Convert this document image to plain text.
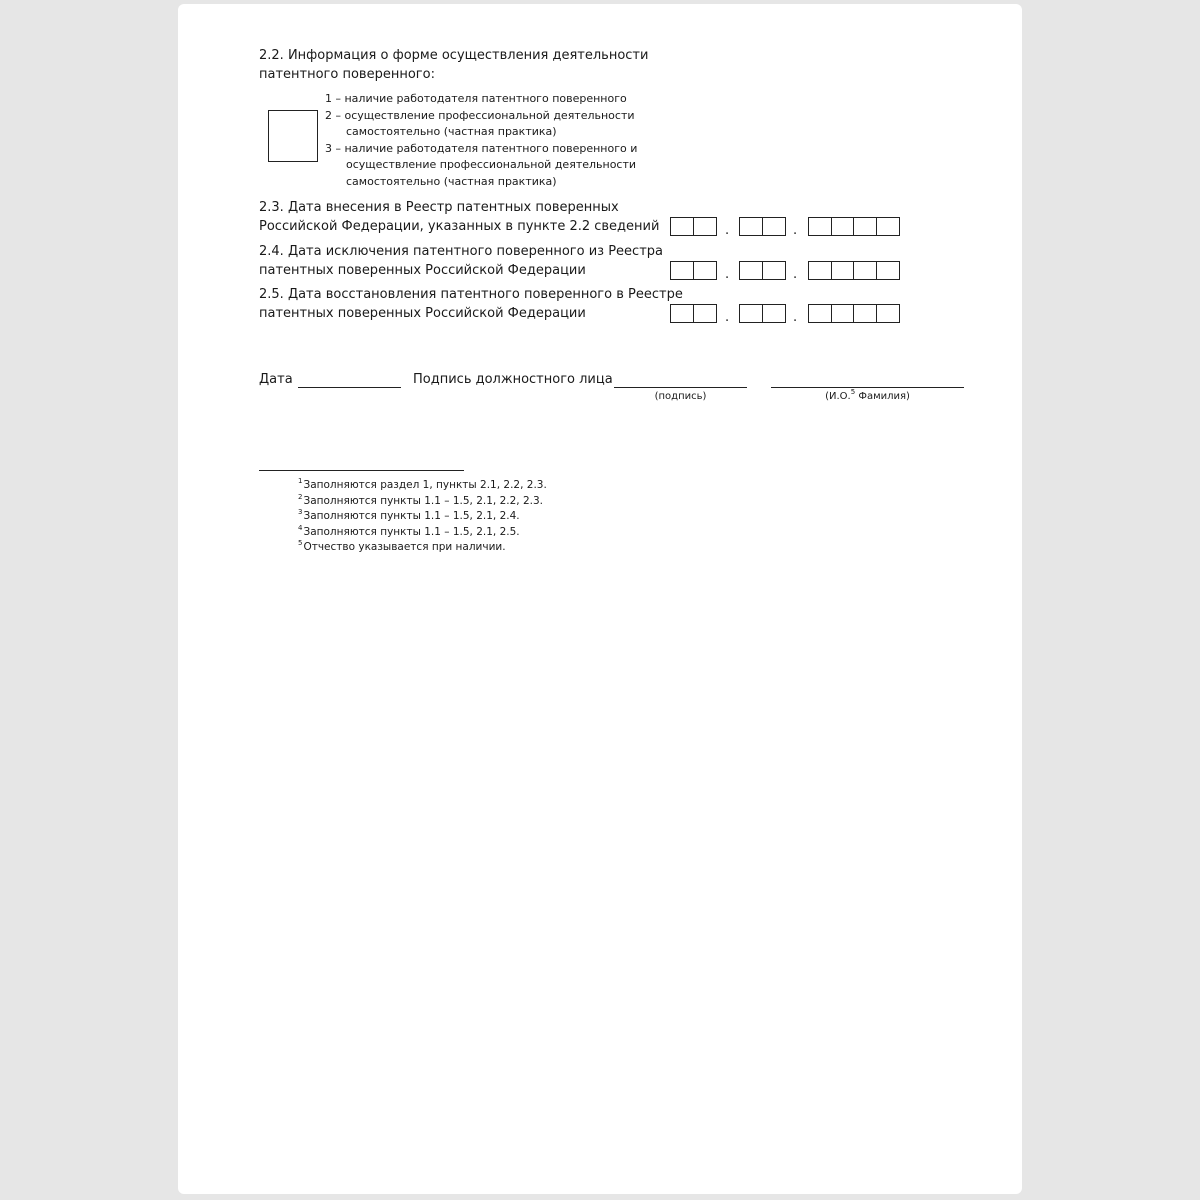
2.2. Информация о форме осуществления деятельности
патентного поверенного:
1 – наличие работодателя патентного поверенного
2 – осуществление профессиональной деятельности
самостоятельно (частная практика)
3 – наличие работодателя патентного поверенного и
осуществление профессиональной деятельности
самостоятельно (частная практика)
2.3. Дата внесения в Реестр патентных поверенных
Российской Федерации, указанных в пункте 2.2 сведений	.	.
2.4. Дата исключения патентного поверенного из Реестра
патентных поверенных Российской Федерации	.	.
2.5. Дата восстановления патентного поверенного в Реестре
патентных поверенных Российской Федерации	.	.
Дата	Подпись должностного лица
(подпись)	(И.О.$^5$ Фамилия)
$^1$Заполняются раздел 1, пункты 2.1, 2.2, 2.3.
$^2$Заполняются пункты 1.1 – 1.5, 2.1, 2.2, 2.3.
$^3$Заполняются пункты 1.1 – 1.5, 2.1, 2.4.
$^4$Заполняются пункты 1.1 – 1.5, 2.1, 2.5.
$^5$Отчество указывается при наличии.
